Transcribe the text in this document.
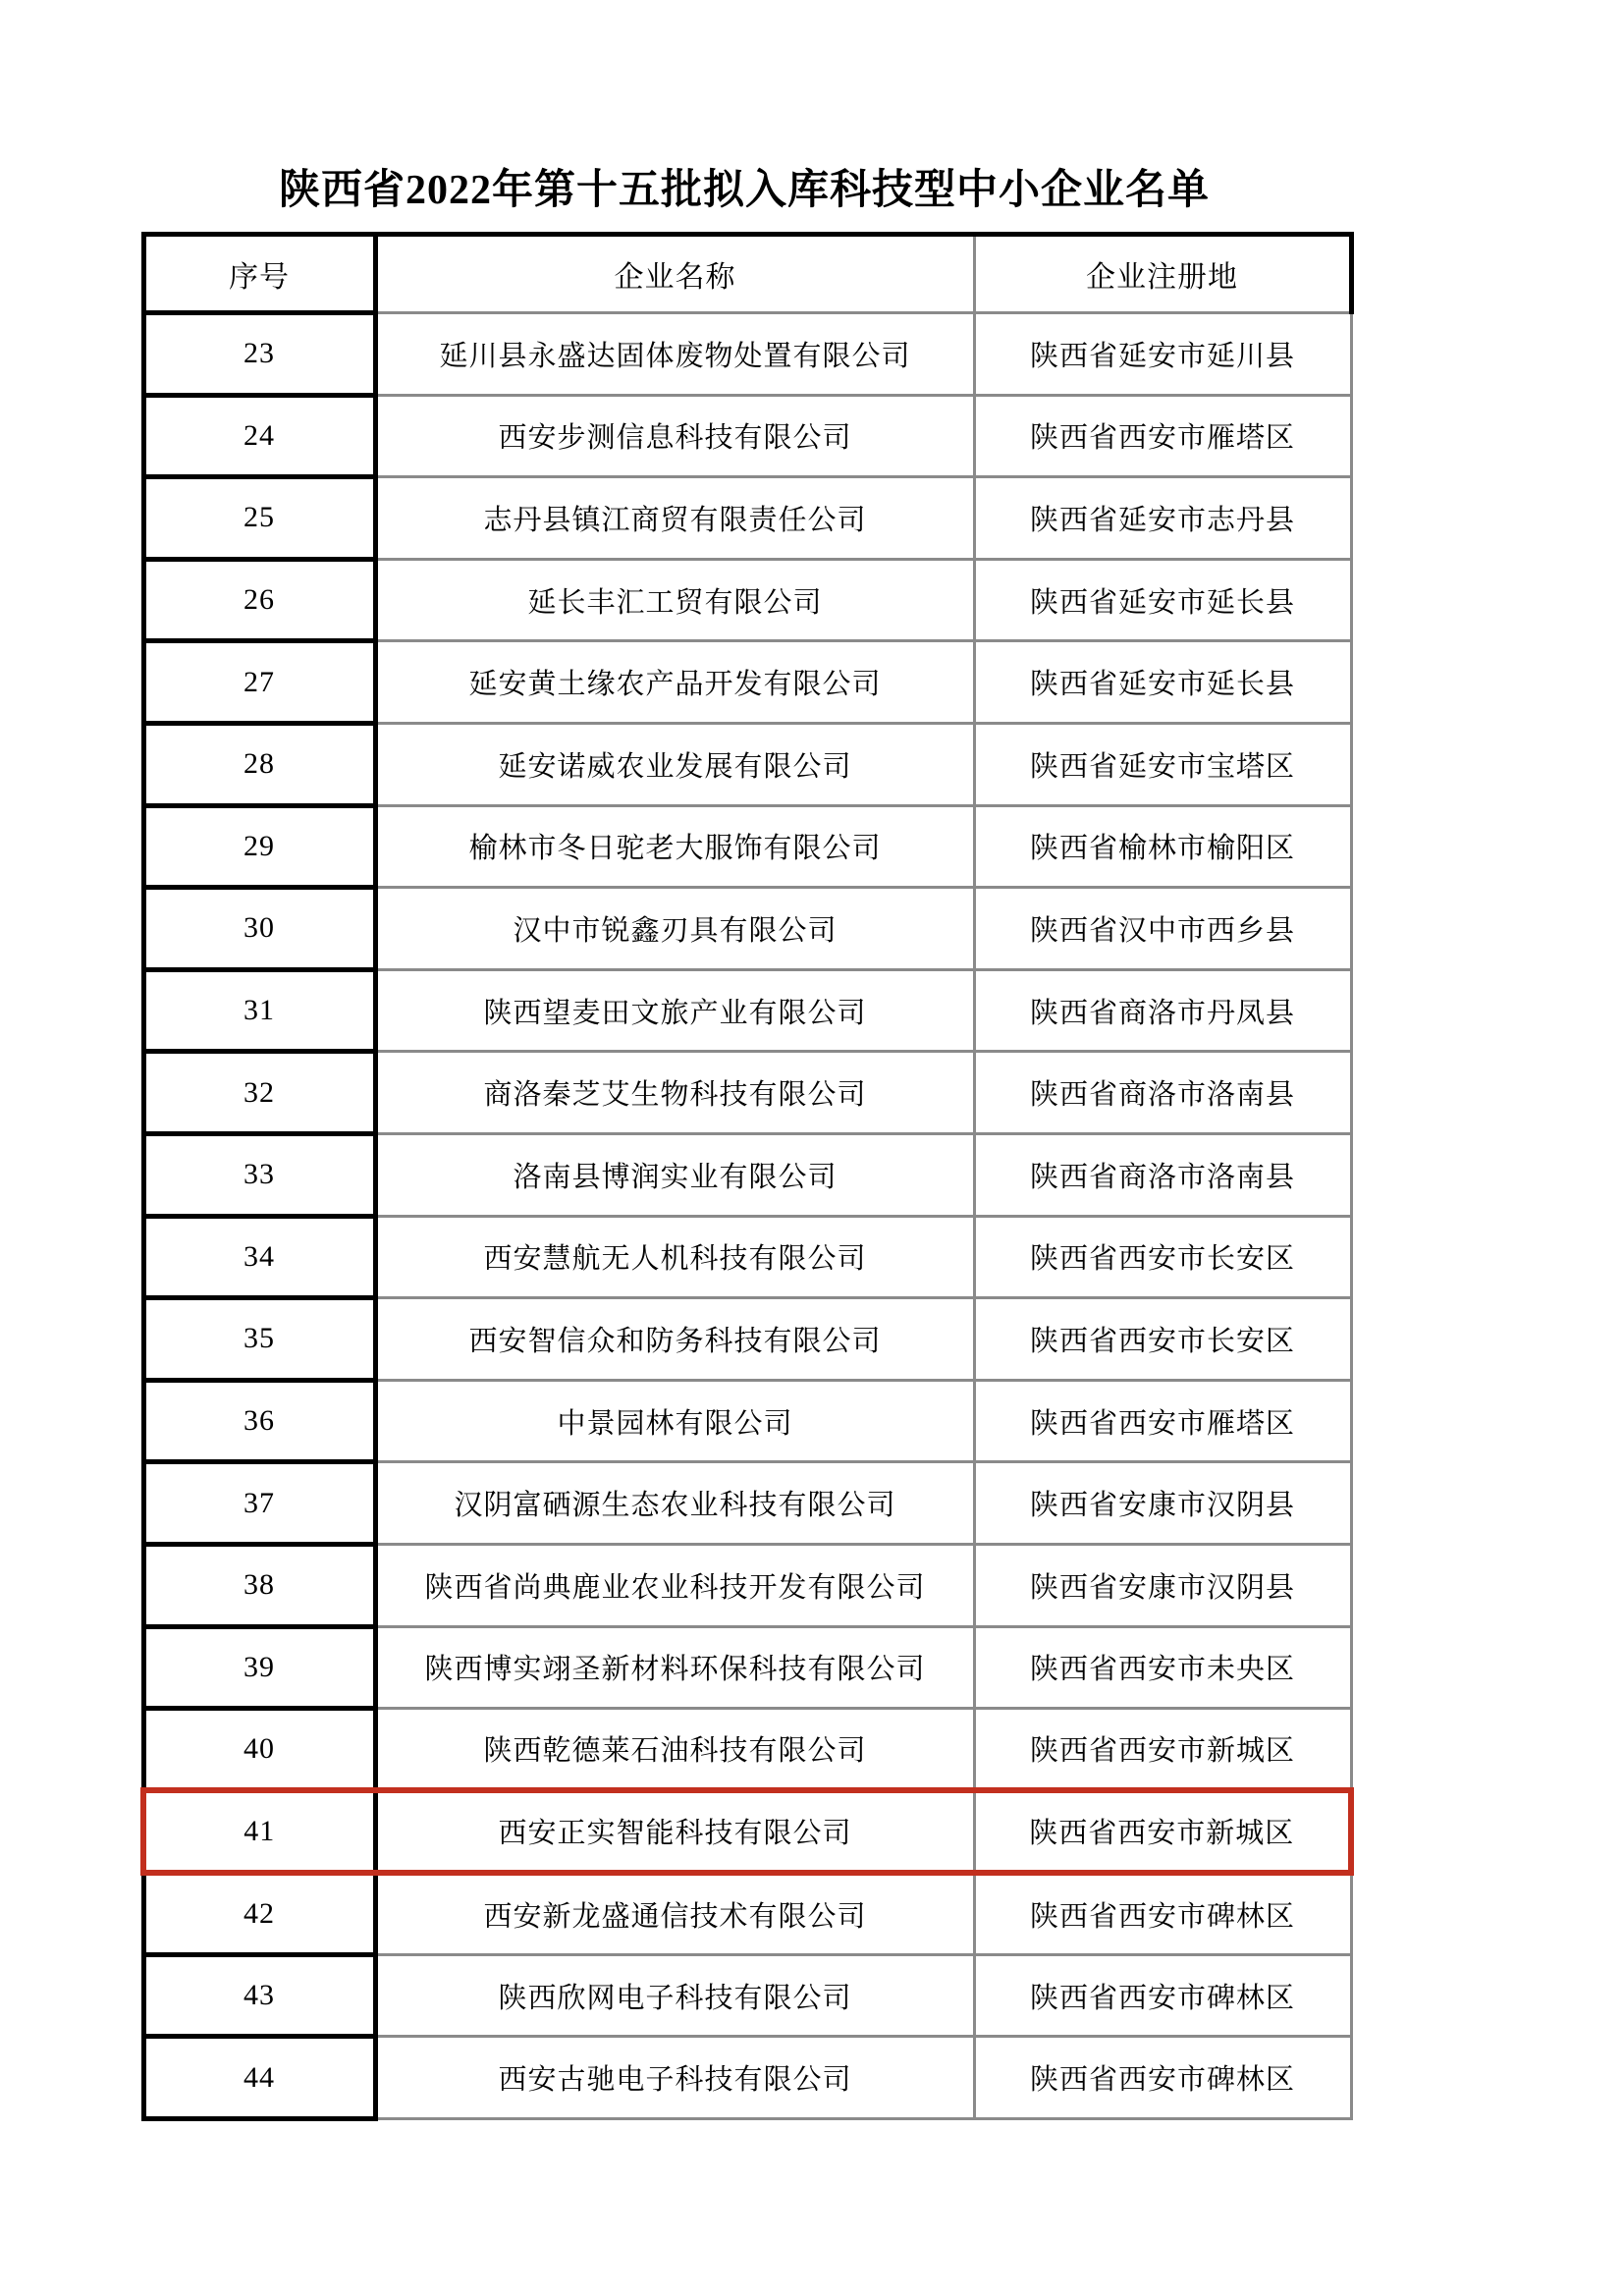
陕西省2022年第十五批拟入库科技型中小企业名单
序号	企业名称	企业注册地
23	延川县永盛达固体废物处置有限公司	陕西省延安市延川县
24	西安步测信息科技有限公司	陕西省西安市雁塔区
25	志丹县镇江商贸有限责任公司	陕西省延安市志丹县
26	延长丰汇工贸有限公司	陕西省延安市延长县
27	延安黄土缘农产品开发有限公司	陕西省延安市延长县
28	延安诺威农业发展有限公司	陕西省延安市宝塔区
29	榆林市冬日驼老大服饰有限公司	陕西省榆林市榆阳区
30	汉中市锐鑫刃具有限公司	陕西省汉中市西乡县
31	陕西望麦田文旅产业有限公司	陕西省商洛市丹凤县
32	商洛秦芝艾生物科技有限公司	陕西省商洛市洛南县
33	洛南县博润实业有限公司	陕西省商洛市洛南县
34	西安慧航无人机科技有限公司	陕西省西安市长安区
35	西安智信众和防务科技有限公司	陕西省西安市长安区
36	中景园林有限公司	陕西省西安市雁塔区
37	汉阴富硒源生态农业科技有限公司	陕西省安康市汉阴县
38	陕西省尚典鹿业农业科技开发有限公司	陕西省安康市汉阴县
39	陕西博实翊圣新材料环保科技有限公司	陕西省西安市未央区
40	陕西乾德莱石油科技有限公司	陕西省西安市新城区
41	西安正实智能科技有限公司	陕西省西安市新城区
42	西安新龙盛通信技术有限公司	陕西省西安市碑林区
43	陕西欣网电子科技有限公司	陕西省西安市碑林区
44	西安古驰电子科技有限公司	陕西省西安市碑林区
